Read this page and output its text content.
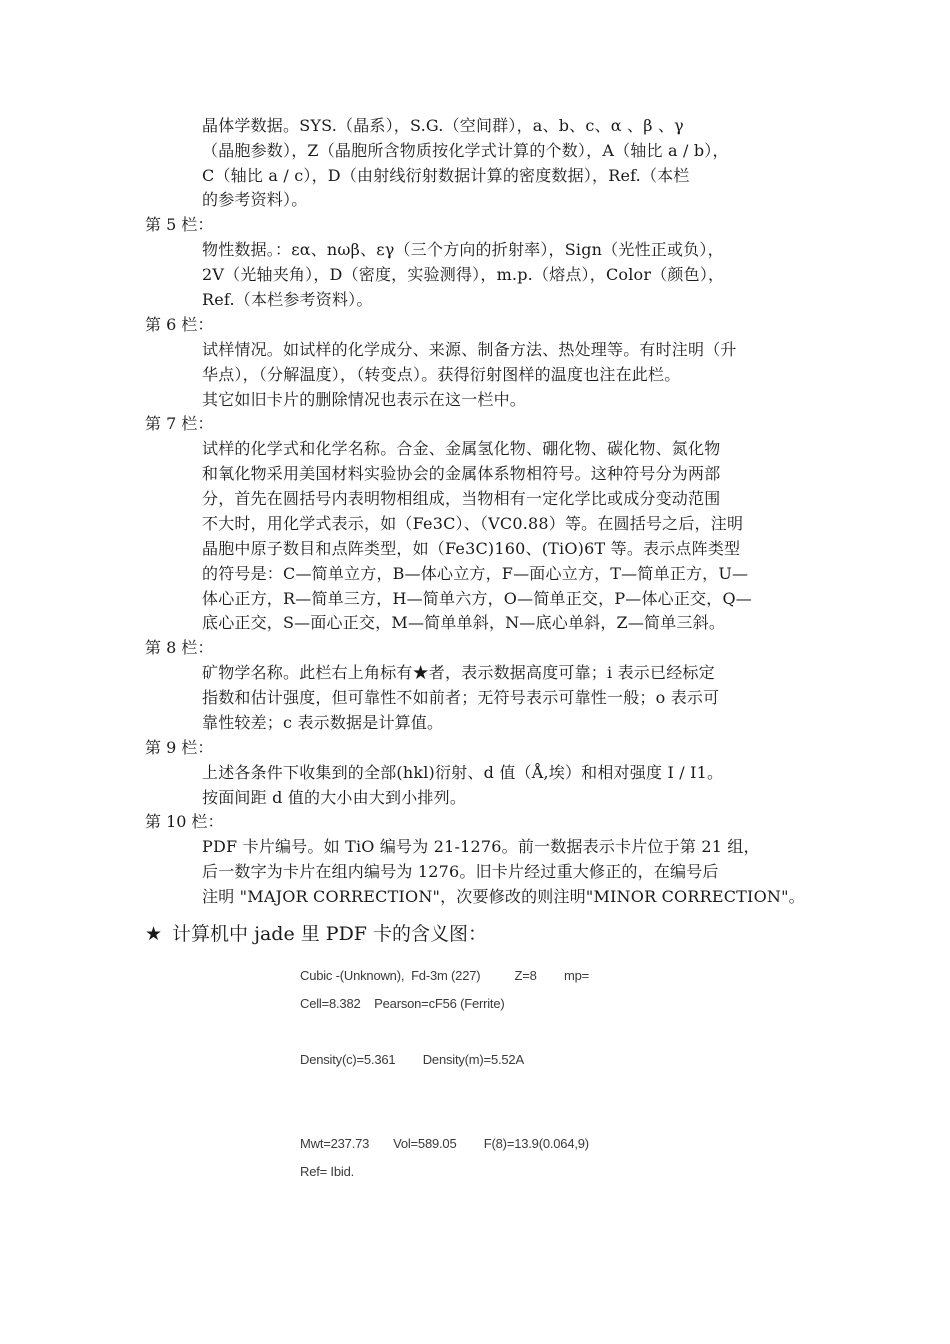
晶体学数据。SYS.（晶系），S.G.（空间群），a、b、c、α 、β 、γ
（晶胞参数），Z（晶胞所含物质按化学式计算的个数），A（轴比 a / b），
C（轴比 a / c），D（由射线衍射数据计算的密度数据），Ref.（本栏
的参考资料）。
第 5 栏：
物性数据。：εα、nωβ、εγ（三个方向的折射率），Sign（光性正或负），
2V（光轴夹角），D（密度，实验测得），m.p.（熔点），Color（颜色），
Ref.（本栏参考资料）。
第 6 栏：
试样情况。如试样的化学成分、来源、制备方法、热处理等。有时注明（升
华点），（分解温度），（转变点）。获得衍射图样的温度也注在此栏。
其它如旧卡片的删除情况也表示在这一栏中。
第 7 栏：
试样的化学式和化学名称。合金、金属氢化物、硼化物、碳化物、氮化物
和氧化物采用美国材料实验协会的金属体系物相符号。这种符号分为两部
分，首先在圆括号内表明物相组成，当物相有一定化学比或成分变动范围
不大时，用化学式表示，如（Fe3C）、（VC0.88）等。在圆括号之后，注明
晶胞中原子数目和点阵类型，如（Fe3C)160、(TiO)6T 等。表示点阵类型
的符号是：C—简单立方，B—体心立方，F—面心立方，T—简单正方，U—
体心正方，R—简单三方，H—简单六方，O—简单正交，P—体心正交，Q—
底心正交，S—面心正交，M—简单单斜，N—底心单斜，Z—简单三斜。
第 8 栏：
矿物学名称。此栏右上角标有★者，表示数据高度可靠；i 表示已经标定
指数和估计强度，但可靠性不如前者；无符号表示可靠性一般；o 表示可
靠性较差；c 表示数据是计算值。
第 9 栏：
上述各条件下收集到的全部(hkl)衍射、d 值（Å,埃）和相对强度 I / I1。
按面间距 d 值的大小由大到小排列。
第 10 栏：
PDF 卡片编号。如 TiO 编号为 21-1276。前一数据表示卡片位于第 21 组，
后一数字为卡片在组内编号为 1276。旧卡片经过重大修正的，在编号后
注明 "MAJOR CORRECTION"，次要修改的则注明"MINOR CORRECTION"。
★ 计算机中 jade 里 PDF 卡的含义图：
Cubic -(Unknown),  Fd-3m (227)          Z=8        mp=
Cell=8.382    Pearson=cF56 (Ferrite)
Density(c)=5.361        Density(m)=5.52A
Mwt=237.73       Vol=589.05        F(8)=13.9(0.064,9)
Ref= Ibid.
